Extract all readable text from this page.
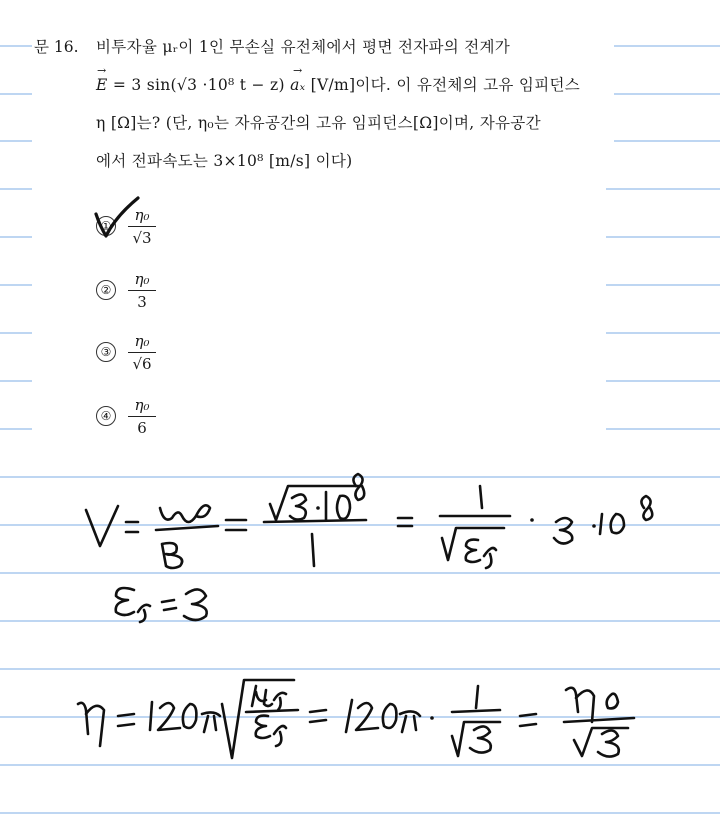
문 16.	비투자율 μᵣ이 1인 무손실 유전체에서 평면 전자파의 전계가
→ E = 3 sin(√3 ·10⁸ t − z) → aₓ [V/m]이다. 이 유전체의 고유 임피던스
η [Ω]는? (단, η₀는 자유공간의 고유 임피던스[Ω]이며, 자유공간
에서 전파속도는 3×10⁸ [m/s] 이다)
①	$\frac{\text{η₀}}{√3}$
②	$\frac{\text{η₀}}{3}$
③	$\frac{\text{η₀}}{√6}$
④	$\frac{\text{η₀}}{6}$
